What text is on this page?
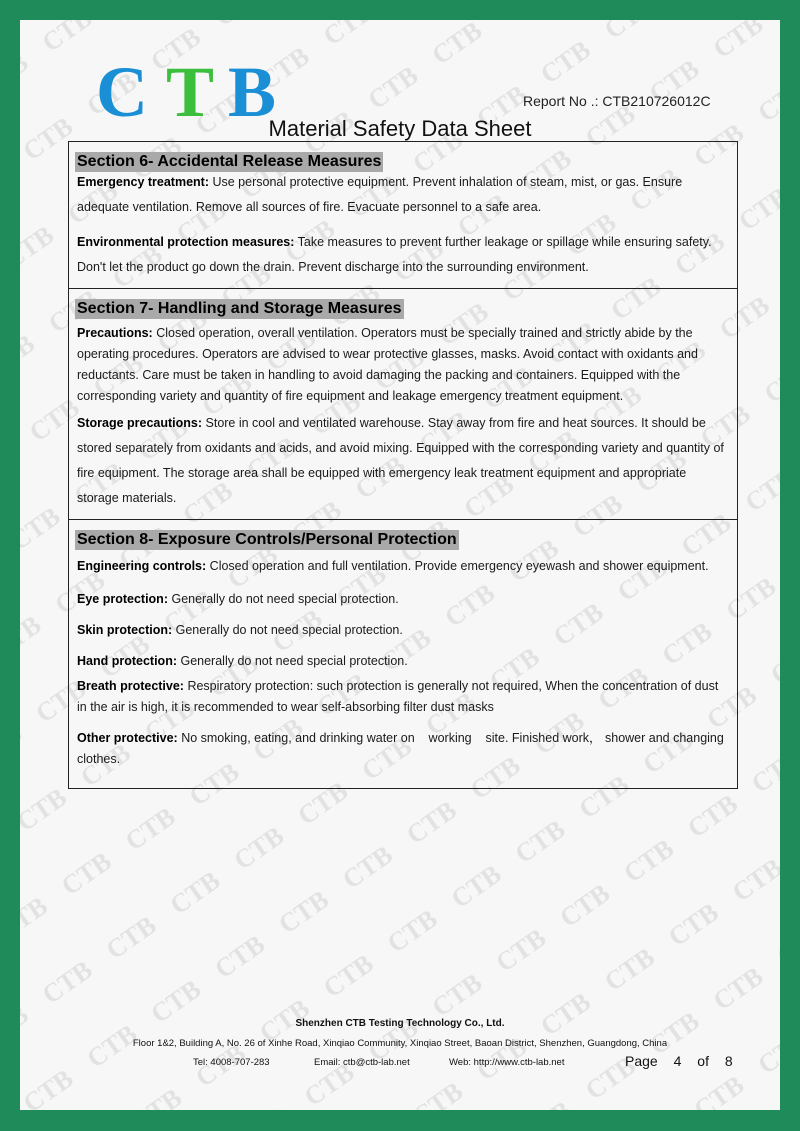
C T B	Report No .: CTB210726012C
Material Safety Data Sheet
Section 6- Accidental Release Measures

Emergency treatment: Use personal protective equipment. Prevent inhalation of steam, mist, or gas. Ensure adequate ventilation. Remove all sources of fire. Evacuate personnel to a safe area.

Environmental protection measures: Take measures to prevent further leakage or spillage while ensuring safety. Don't let the product go down the drain. Prevent discharge into the surrounding environment.

Section 7- Handling and Storage Measures

Precautions: Closed operation, overall ventilation. Operators must be specially trained and strictly abide by the operating procedures. Operators are advised to wear protective glasses, masks. Avoid contact with oxidants and reductants. Care must be taken in handling to avoid damaging the packing and containers. Equipped with the corresponding variety and quantity of fire equipment and leakage emergency treatment equipment.

Storage precautions: Store in cool and ventilated warehouse. Stay away from fire and heat sources. It should be stored separately from oxidants and acids, and avoid mixing. Equipped with the corresponding variety and quantity of fire equipment. The storage area shall be equipped with emergency leak treatment equipment and appropriate storage materials.

Section 8- Exposure Controls/Personal Protection

Engineering controls: Closed operation and full ventilation. Provide emergency eyewash and shower equipment.

Eye protection: Generally do not need special protection.

Skin protection: Generally do not need special protection.

Hand protection: Generally do not need special protection.

Breath protective: Respiratory protection: such protection is generally not required, When the concentration of dust in the air is high, it is recommended to wear self-absorbing filter dust masks

Other protective: No smoking, eating, and drinking water on    working    site. Finished work， shower and changing clothes.

Shenzhen CTB Testing Technology Co., Ltd.
Floor 1&2, Building A, No. 26 of Xinhe Road, Xinqiao Community, Xinqiao Street, Baoan District, Shenzhen, Guangdong, China
Tel: 4008-707-283	Email: ctb@ctb-lab.net	Web: http://www.ctb-lab.net	Page 4 of 8
